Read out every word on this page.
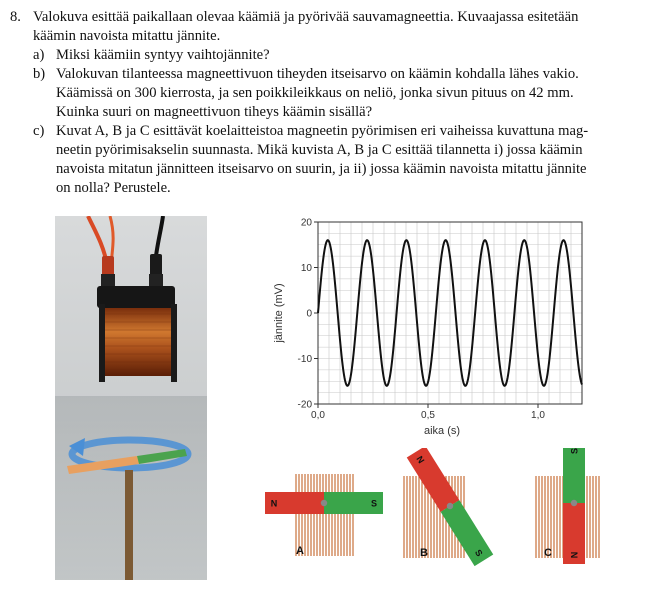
8. Valokuva esittää paikallaan olevaa käämiä ja pyörivää sauvamagneettia. Kuvaajassa esitetään
käämin navoista mitattu jännite.
a) Miksi käämiin syntyy vaihtojännite?
b) Valokuvan tilanteessa magneettivuon tiheyden itseisarvo on käämin kohdalla lähes vakio.
Käämissä on 300 kierrosta, ja sen poikkileikkaus on neliö, jonka sivun pituus on 42 mm.
Kuinka suuri on magneettivuon tiheys käämin sisällä?
c) Kuvat A, B ja C esittävät koelaitteistoa magneetin pyörimisen eri vaiheissa kuvattuna mag-
neetin pyörimisakselin suunnasta. Mikä kuvista A, B ja C esittää tilannetta i) jossa käämin
navoista mitatun jännitteen itseisarvo on suurin, ja ii) jossa käämin navoista mitattu jännite
on nolla? Perustele.
20
10
0
-10
-20
0,0	0,5	1,0
aika (s)
jännite (mV)
N	S
A
N
S
B	N
S
C
